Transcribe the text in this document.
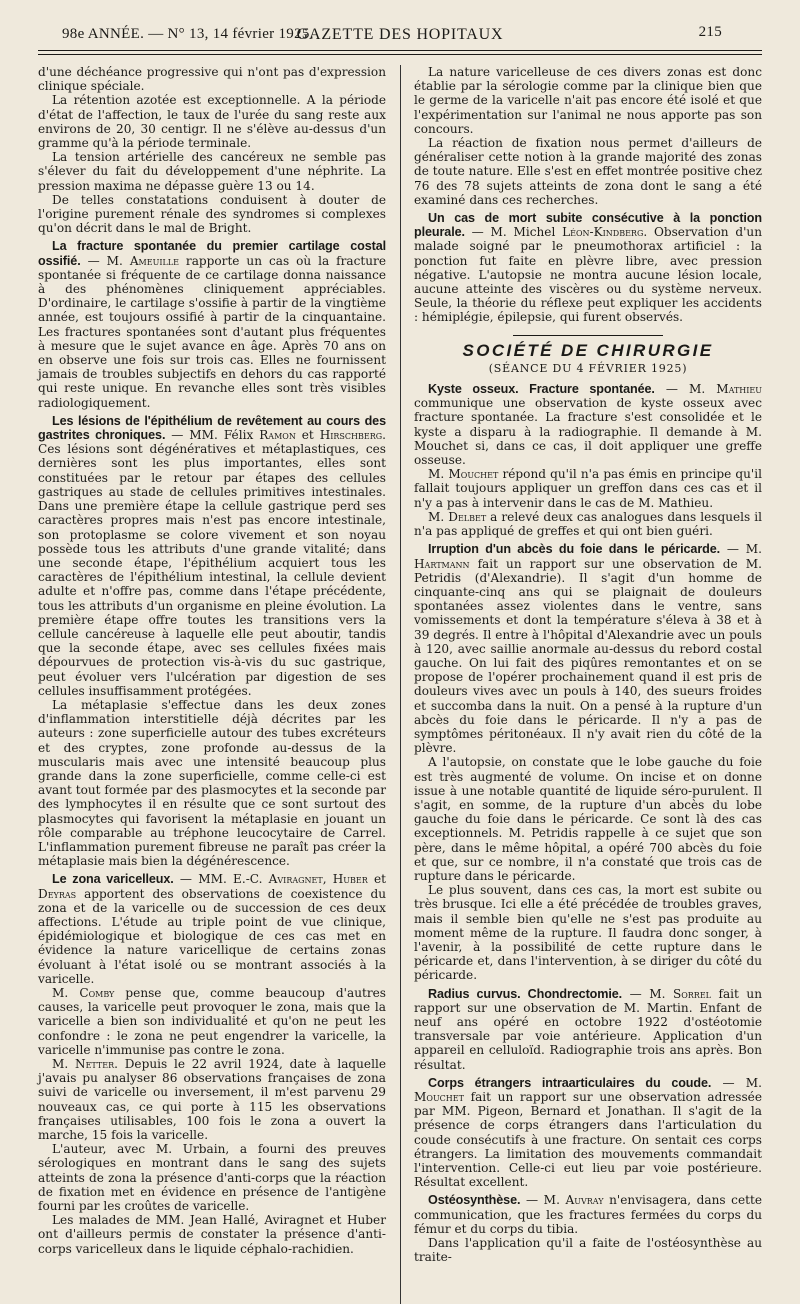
98e ANNÉE. — N° 13, 14 février 1925.
GAZETTE DES HOPITAUX	215

d'une déchéance progressive qui n'ont pas d'expression clinique spéciale.

La rétention azotée est exceptionnelle. A la période d'état de l'affection, le taux de l'urée du sang reste aux environs de 20, 30 centigr. Il ne s'élève au-dessus d'un gramme qu'à la période terminale.

La tension artérielle des cancéreux ne semble pas s'élever du fait du développement d'une néphrite. La pression maxima ne dépasse guère 13 ou 14.

De telles constatations conduisent à douter de l'origine purement rénale des syndromes si complexes qu'on décrit dans le mal de Bright.

La fracture spontanée du premier cartilage costal ossifié. — M. Ameuille rapporte un cas où la fracture spontanée si fréquente de ce cartilage donna naissance à des phénomènes cliniquement appréciables. D'ordinaire, le cartilage s'ossifie à partir de la vingtième année, est toujours ossifié à partir de la cinquantaine. Les fractures spontanées sont d'autant plus fréquentes à mesure que le sujet avance en âge. Après 70 ans on en observe une fois sur trois cas. Elles ne fournissent jamais de troubles subjectifs en dehors du cas rapporté qui reste unique. En revanche elles sont très visibles radiologiquement.

Les lésions de l'épithélium de revêtement au cours des gastrites chroniques. — MM. Félix Ramon et Hirschberg. Ces lésions sont dégénératives et métaplastiques, ces dernières sont les plus importantes, elles sont constituées par le retour par étapes des cellules gastriques au stade de cellules primitives intestinales. Dans une première étape la cellule gastrique perd ses caractères propres mais n'est pas encore intestinale, son protoplasme se colore vivement et son noyau possède tous les attributs d'une grande vitalité; dans une seconde étape, l'épithélium acquiert tous les caractères de l'épithélium intestinal, la cellule devient adulte et n'offre pas, comme dans l'étape précédente, tous les attributs d'un organisme en pleine évolution. La première étape offre toutes les transitions vers la cellule cancéreuse à laquelle elle peut aboutir, tandis que la seconde étape, avec ses cellules fixées mais dépourvues de protection vis-à-vis du suc gastrique, peut évoluer vers l'ulcération par digestion de ses cellules insuffisamment protégées.

La métaplasie s'effectue dans les deux zones d'inflammation interstitielle déjà décrites par les auteurs : zone superficielle autour des tubes excréteurs et des cryptes, zone profonde au-dessus de la muscularis mais avec une intensité beaucoup plus grande dans la zone superficielle, comme celle-ci est avant tout formée par des plasmocytes et la seconde par des lymphocytes il en résulte que ce sont surtout des plasmocytes qui favorisent la métaplasie en jouant un rôle comparable au tréphone leucocytaire de Carrel. L'inflammation purement fibreuse ne paraît pas créer la métaplasie mais bien la dégénérescence.

Le zona varicelleux. — MM. E.-C. Aviragnet, Huber et Deyras apportent des observations de coexistence du zona et de la varicelle ou de succession de ces deux affections. L'étude au triple point de vue clinique, épidémiologique et biologique de ces cas met en évidence la nature varicellique de certains zonas évoluant à l'état isolé ou se montrant associés à la varicelle.

M. Comby pense que, comme beaucoup d'autres causes, la varicelle peut provoquer le zona, mais que la varicelle a bien son individualité et qu'on ne peut les confondre : le zona ne peut engendrer la varicelle, la varicelle n'immunise pas contre le zona.

M. Netter. Depuis le 22 avril 1924, date à laquelle j'avais pu analyser 86 observations françaises de zona suivi de varicelle ou inversement, il m'est parvenu 29 nouveaux cas, ce qui porte à 115 les observations françaises utilisables, 100 fois le zona a ouvert la marche, 15 fois la varicelle.

L'auteur, avec M. Urbain, a fourni des preuves sérologiques en montrant dans le sang des sujets atteints de zona la présence d'anti-corps que la réaction de fixation met en évidence en présence de l'antigène fourni par les croûtes de varicelle.

Les malades de MM. Jean Hallé, Aviragnet et Huber ont d'ailleurs permis de constater la présence d'anti-corps varicelleux dans le liquide céphalo-rachidien.

La nature varicelleuse de ces divers zonas est donc établie par la sérologie comme par la clinique bien que le germe de la varicelle n'ait pas encore été isolé et que l'expérimentation sur l'animal ne nous apporte pas son concours.

La réaction de fixation nous permet d'ailleurs de généraliser cette notion à la grande majorité des zonas de toute nature. Elle s'est en effet montrée positive chez 76 des 78 sujets atteints de zona dont le sang a été examiné dans ces recherches.

Un cas de mort subite consécutive à la ponction pleurale. — M. Michel Léon-Kindberg. Observation d'un malade soigné par le pneumothorax artificiel : la ponction fut faite en plèvre libre, avec pression négative. L'autopsie ne montra aucune lésion locale, aucune atteinte des viscères ou du système nerveux. Seule, la théorie du réflexe peut expliquer les accidents : hémiplégie, épilepsie, qui furent observés.

SOCIÉTÉ DE CHIRURGIE
(SÉANCE DU 4 FÉVRIER 1925)

Kyste osseux. Fracture spontanée. — M. Mathieu communique une observation de kyste osseux avec fracture spontanée. La fracture s'est consolidée et le kyste a disparu à la radiographie. Il demande à M. Mouchet si, dans ce cas, il doit appliquer une greffe osseuse.

M. Mouchet répond qu'il n'a pas émis en principe qu'il fallait toujours appliquer un greffon dans ces cas et il n'y a pas à intervenir dans le cas de M. Mathieu.

M. Delbet a relevé deux cas analogues dans lesquels il n'a pas appliqué de greffes et qui ont bien guéri.

Irruption d'un abcès du foie dans le péricarde. — M. Hartmann fait un rapport sur une observation de M. Petridis (d'Alexandrie). Il s'agit d'un homme de cinquante-cinq ans qui se plaignait de douleurs spontanées assez violentes dans le ventre, sans vomissements et dont la température s'éleva à 38 et à 39 degrés. Il entre à l'hôpital d'Alexandrie avec un pouls à 120, avec saillie anormale au-dessus du rebord costal gauche. On lui fait des piqûres remontantes et on se propose de l'opérer prochainement quand il est pris de douleurs vives avec un pouls à 140, des sueurs froides et succomba dans la nuit. On a pensé à la rupture d'un abcès du foie dans le péricarde. Il n'y a pas de symptômes péritonéaux. Il n'y avait rien du côté de la plèvre.

A l'autopsie, on constate que le lobe gauche du foie est très augmenté de volume. On incise et on donne issue à une notable quantité de liquide séro-purulent. Il s'agit, en somme, de la rupture d'un abcès du lobe gauche du foie dans le péricarde. Ce sont là des cas exceptionnels. M. Petridis rappelle à ce sujet que son père, dans le même hôpital, a opéré 700 abcès du foie et que, sur ce nombre, il n'a constaté que trois cas de rupture dans le péricarde.

Le plus souvent, dans ces cas, la mort est subite ou très brusque. Ici elle a été précédée de troubles graves, mais il semble bien qu'elle ne s'est pas produite au moment même de la rupture. Il faudra donc songer, à l'avenir, à la possibilité de cette rupture dans le péricarde et, dans l'intervention, à se diriger du côté du péricarde.

Radius curvus. Chondrectomie. — M. Sorrel fait un rapport sur une observation de M. Martin. Enfant de neuf ans opéré en octobre 1922 d'ostéotomie transversale par voie antérieure. Application d'un appareil en celluloïd. Radiographie trois ans après. Bon résultat.

Corps étrangers intraarticulaires du coude. — M. Mouchet fait un rapport sur une observation adressée par MM. Pigeon, Bernard et Jonathan. Il s'agit de la présence de corps étrangers dans l'articulation du coude consécutifs à une fracture. On sentait ces corps étrangers. La limitation des mouvements commandait l'intervention. Celle-ci eut lieu par voie postérieure. Résultat excellent.

Ostéosynthèse. — M. Auvray n'envisagera, dans cette communication, que les fractures fermées du corps du fémur et du corps du tibia.

Dans l'application qu'il a faite de l'ostéosynthèse au traite-
